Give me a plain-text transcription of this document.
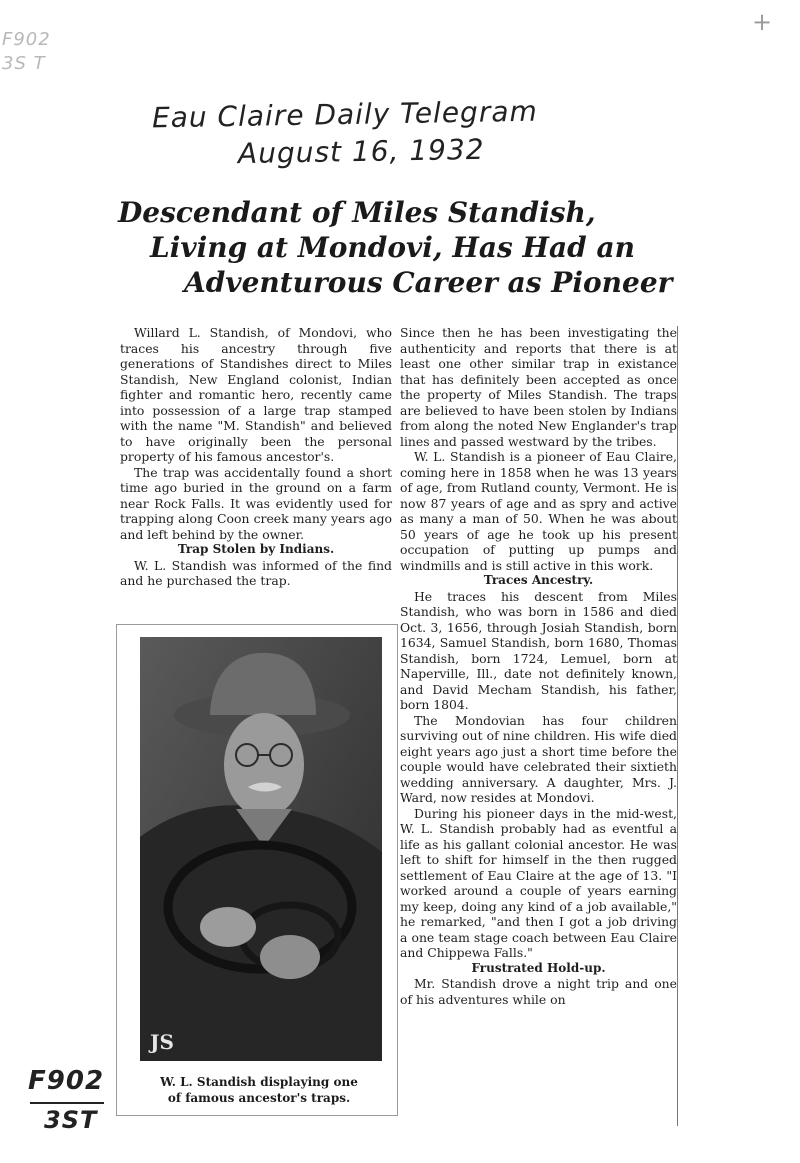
F902
3S T
+
Eau Claire Daily Telegram
August 16, 1932
Descendant of Miles Standish,
Living at Mondovi, Has Had an
Adventurous Career as Pioneer

Willard L. Standish, of Mondovi, who traces his ancestry through five generations of Standishes direct to Miles Standish, New England colonist, Indian fighter and romantic hero, recently came into possession of a large trap stamped with the name "M. Standish" and believed to have originally been the personal property of his famous ancestor's.

The trap was accidentally found a short time ago buried in the ground on a farm near Rock Falls. It was evidently used for trapping along Coon creek many years ago and left behind by the owner.

Trap Stolen by Indians.

W. L. Standish was informed of the find and he purchased the trap.

Since then he has been investigating the authenticity and reports that there is at least one other similar trap in existance that has definitely been accepted as once the property of Miles Standish. The traps are believed to have been stolen by Indians from along the noted New Englander's trap lines and passed westward by the tribes.

W. L. Standish is a pioneer of Eau Claire, coming here in 1858 when he was 13 years of age, from Rutland county, Vermont. He is now 87 years of age and as spry and active as many a man of 50. When he was about 50 years of age he took up his present occupation of putting up pumps and windmills and is still active in this work.

Traces Ancestry.

He traces his descent from Miles Standish, who was born in 1586 and died Oct. 3, 1656, through Josiah Standish, born 1634, Samuel Standish, born 1680, Thomas Standish, born 1724, Lemuel, born at Naperville, Ill., date not definitely known, and David Mecham Standish, his father, born 1804.

The Mondovian has four children surviving out of nine children. His wife died eight years ago just a short time before the couple would have celebrated their sixtieth wedding anniversary. A daughter, Mrs. J. Ward, now resides at Mondovi.

During his pioneer days in the mid-west, W. L. Standish probably had as eventful a life as his gallant colonial ancestor. He was left to shift for himself in the then rugged settlement of Eau Claire at the age of 13. "I worked around a couple of years earning my keep, doing any kind of a job available," he remarked, "and then I got a job driving a one team stage coach between Eau Claire and Chippewa Falls."

Frustrated Hold-up.

Mr. Standish drove a night trip and one of his adventures while on

JS
W. L. Standish displaying one
of famous ancestor's traps.
F902
3ST
